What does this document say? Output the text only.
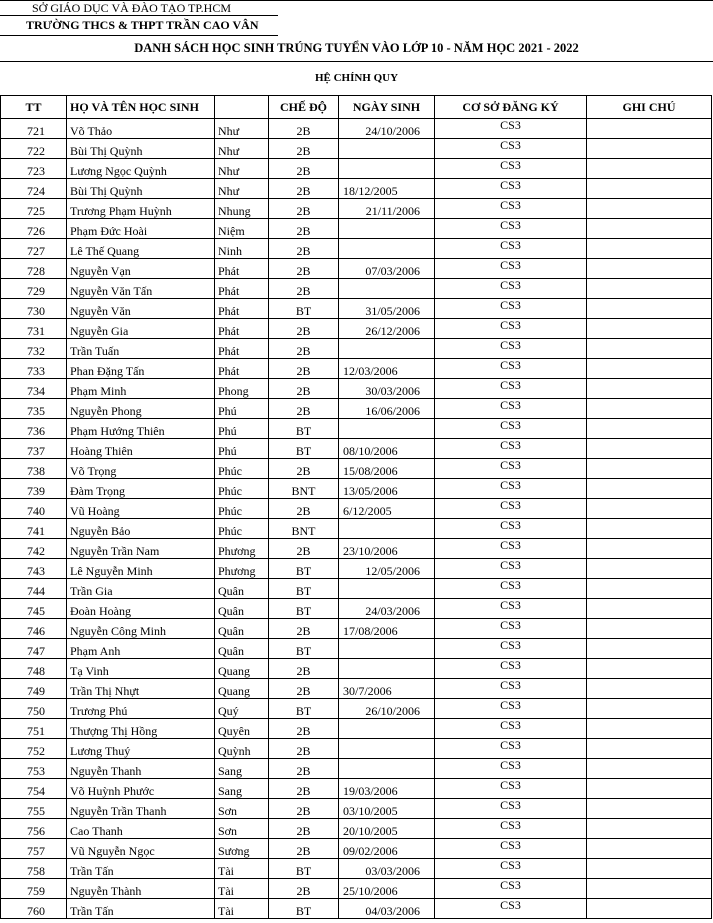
SỞ GIÁO DỤC VÀ ĐÀO TẠO TP.HCM
TRƯỜNG THCS & THPT TRẦN CAO VÂN
DANH SÁCH HỌC SINH TRÚNG TUYỂN VÀO LỚP 10 - NĂM HỌC 2021 - 2022
HỆ CHÍNH QUY
TT	HỌ VÀ TÊN HỌC SINH		CHẾ ĐỘ	NGÀY SINH	CƠ SỞ ĐĂNG KÝ	GHI CHÚ
721	Võ Thảo	Như	2B	24/10/2006	CS3	
722	Bùi Thị Quỳnh	Như	2B		CS3	
723	Lương Ngọc Quỳnh	Như	2B		CS3	
724	Bùi Thị Quỳnh	Như	2B	18/12/2005	CS3	
725	Trương Phạm Huỳnh	Nhung	2B	21/11/2006	CS3	
726	Phạm Đức Hoài	Niệm	2B		CS3	
727	Lê Thế Quang	Ninh	2B		CS3	
728	Nguyễn Vạn	Phát	2B	07/03/2006	CS3	
729	Nguyễn Văn Tấn	Phát	2B		CS3	
730	Nguyễn Văn	Phát	BT	31/05/2006	CS3	
731	Nguyễn Gia	Phát	2B	26/12/2006	CS3	
732	Trần Tuấn	Phát	2B		CS3	
733	Phan Đặng Tấn	Phát	2B	12/03/2006	CS3	
734	Phạm Minh	Phong	2B	30/03/2006	CS3	
735	Nguyễn Phong	Phú	2B	16/06/2006	CS3	
736	Phạm Hướng Thiên	Phú	BT		CS3	
737	Hoàng Thiên	Phú	BT	08/10/2006	CS3	
738	Võ Trọng	Phúc	2B	15/08/2006	CS3	
739	Đàm Trọng	Phúc	BNT	13/05/2006	CS3	
740	Vũ Hoàng	Phúc	2B	6/12/2005	CS3	
741	Nguyễn Bảo	Phúc	BNT		CS3	
742	Nguyễn Trần Nam	Phương	2B	23/10/2006	CS3	
743	Lê Nguyễn Minh	Phương	BT	12/05/2006	CS3	
744	Trần Gia	Quân	BT		CS3	
745	Đoàn Hoàng	Quân	BT	24/03/2006	CS3	
746	Nguyễn Công Minh	Quân	2B	17/08/2006	CS3	
747	Phạm Anh	Quân	BT		CS3	
748	Tạ Vinh	Quang	2B		CS3	
749	Trần Thị Nhựt	Quang	2B	30/7/2006	CS3	
750	Trương Phú	Quý	BT	26/10/2006	CS3	
751	Thượng Thị Hồng	Quyên	2B		CS3	
752	Lương Thuý	Quỳnh	2B		CS3	
753	Nguyễn Thanh	Sang	2B		CS3	
754	Võ Huỳnh Phước	Sang	2B	19/03/2006	CS3	
755	Nguyễn Trần Thanh	Sơn	2B	03/10/2005	CS3	
756	Cao Thanh	Sơn	2B	20/10/2005	CS3	
757	Vũ Nguyễn Ngọc	Sương	2B	09/02/2006	CS3	
758	Trần Tấn	Tài	BT	03/03/2006	CS3	
759	Nguyễn Thành	Tài	2B	25/10/2006	CS3	
760	Trần Tấn	Tài	BT	04/03/2006	CS3	
